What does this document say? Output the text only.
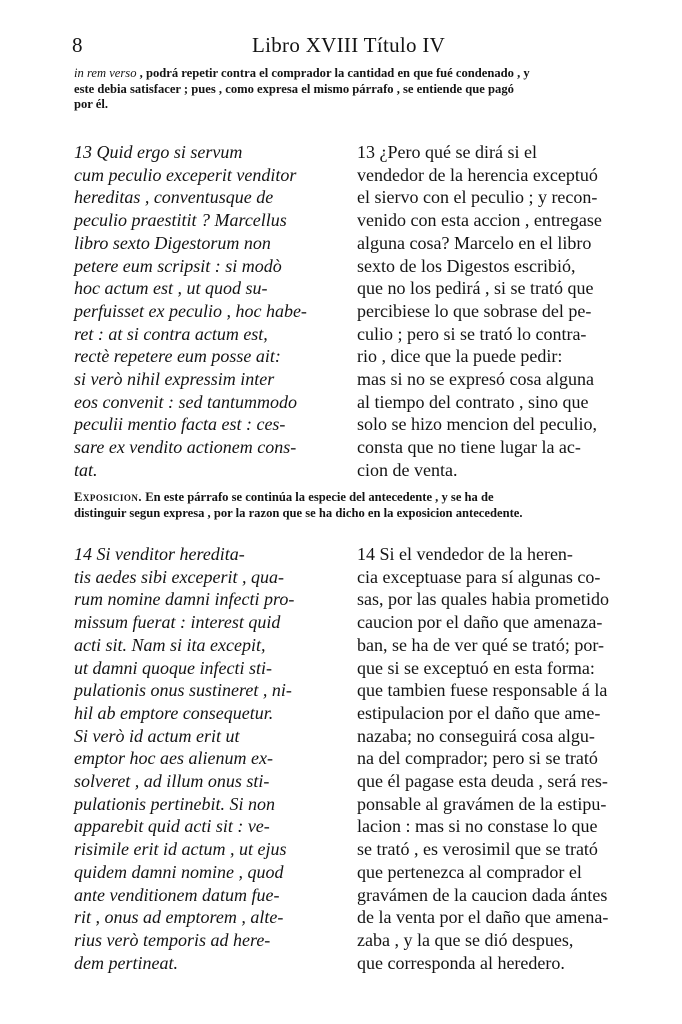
8	Libro XVIII Título IV
in rem verso , podrá repetir contra el comprador la cantidad en que fué condenado , y
este debia satisfacer ; pues , como expresa el mismo párrafo , se entiende que pagó
por él.
13 Quid ergo si servum
cum peculio exceperit venditor
hereditas , conventusque de
peculio praestitit ? Marcellus
libro sexto Digestorum non
petere eum scripsit : si modò
hoc actum est , ut quod su-
perfuisset ex peculio , hoc habe-
ret : at si contra actum est,
rectè repetere eum posse ait:
si verò nihil expressim inter
eos convenit : sed tantummodo
peculii mentio facta est : ces-
sare ex vendito actionem cons-
tat.
13 ¿Pero qué se dirá si el
vendedor de la herencia exceptuó
el siervo con el peculio ; y recon-
venido con esta accion , entregase
alguna cosa? Marcelo en el libro
sexto de los Digestos escribió,
que no los pedirá , si se trató que
percibiese lo que sobrase del pe-
culio ; pero si se trató lo contra-
rio , dice que la puede pedir:
mas si no se expresó cosa alguna
al tiempo del contrato , sino que
solo se hizo mencion del peculio,
consta que no tiene lugar la ac-
cion de venta.
Exposicion. En este párrafo se continúa la especie del antecedente , y se ha de
distinguir segun expresa , por la razon que se ha dicho en la exposicion antecedente.
14 Si venditor heredita-
tis aedes sibi exceperit , qua-
rum nomine damni infecti pro-
missum fuerat : interest quid
acti sit. Nam si ita excepit,
ut damni quoque infecti sti-
pulationis onus sustineret , ni-
hil ab emptore consequetur.
Si verò id actum erit ut
emptor hoc aes alienum ex-
solveret , ad illum onus sti-
pulationis pertinebit. Si non
apparebit quid acti sit : ve-
risimile erit id actum , ut ejus
quidem damni nomine , quod
ante venditionem datum fue-
rit , onus ad emptorem , alte-
rius verò temporis ad here-
dem pertineat.
14 Si el vendedor de la heren-
cia exceptuase para sí algunas co-
sas, por las quales habia prometido
caucion por el daño que amenaza-
ban, se ha de ver qué se trató; por-
que si se exceptuó en esta forma:
que tambien fuese responsable á la
estipulacion por el daño que ame-
nazaba; no conseguirá cosa algu-
na del comprador; pero si se trató
que él pagase esta deuda , será res-
ponsable al gravámen de la estipu-
lacion : mas si no constase lo que
se trató , es verosimil que se trató
que pertenezca al comprador el
gravámen de la caucion dada ántes
de la venta por el daño que amena-
zaba , y la que se dió despues,
que corresponda al heredero.
